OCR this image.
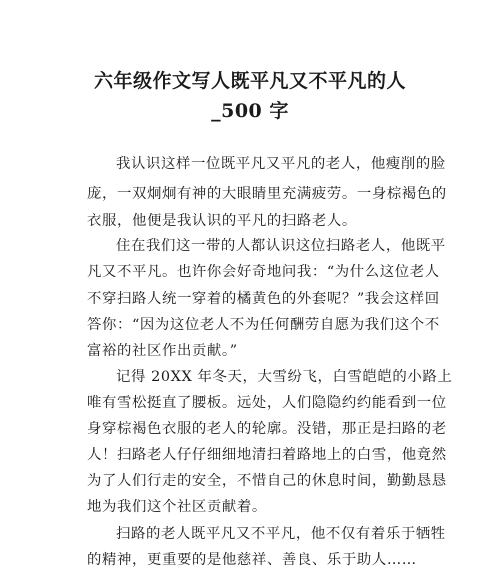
六年级作文写人既平凡又不平凡的人
_500 字

我认识这样一位既平凡又平凡的老人，他瘦削的脸

庞，一双炯炯有神的大眼睛里充满疲劳。一身棕褐色的

衣服，他便是我认识的平凡的扫路老人。

住在我们这一带的人都认识这位扫路老人，他既平

凡又不平凡。也许你会好奇地问我：“为什么这位老人

不穿扫路人统一穿着的橘黄色的外套呢？”我会这样回

答你：“因为这位老人不为任何酬劳自愿为我们这个不

富裕的社区作出贡献。”

记得 20XX 年冬天，大雪纷飞，白雪皑皑的小路上

唯有雪松挺直了腰板。远处，人们隐隐约约能看到一位

身穿棕褐色衣服的老人的轮廓。没错，那正是扫路的老

人！扫路老人仔仔细细地清扫着路地上的白雪，他竟然

为了人们行走的安全，不惜自己的休息时间，勤勤恳恳

地为我们这个社区贡献着。

扫路的老人既平凡又不平凡，他不仅有着乐于牺牲

的精神，更重要的是他慈祥、善良、乐于助人……
